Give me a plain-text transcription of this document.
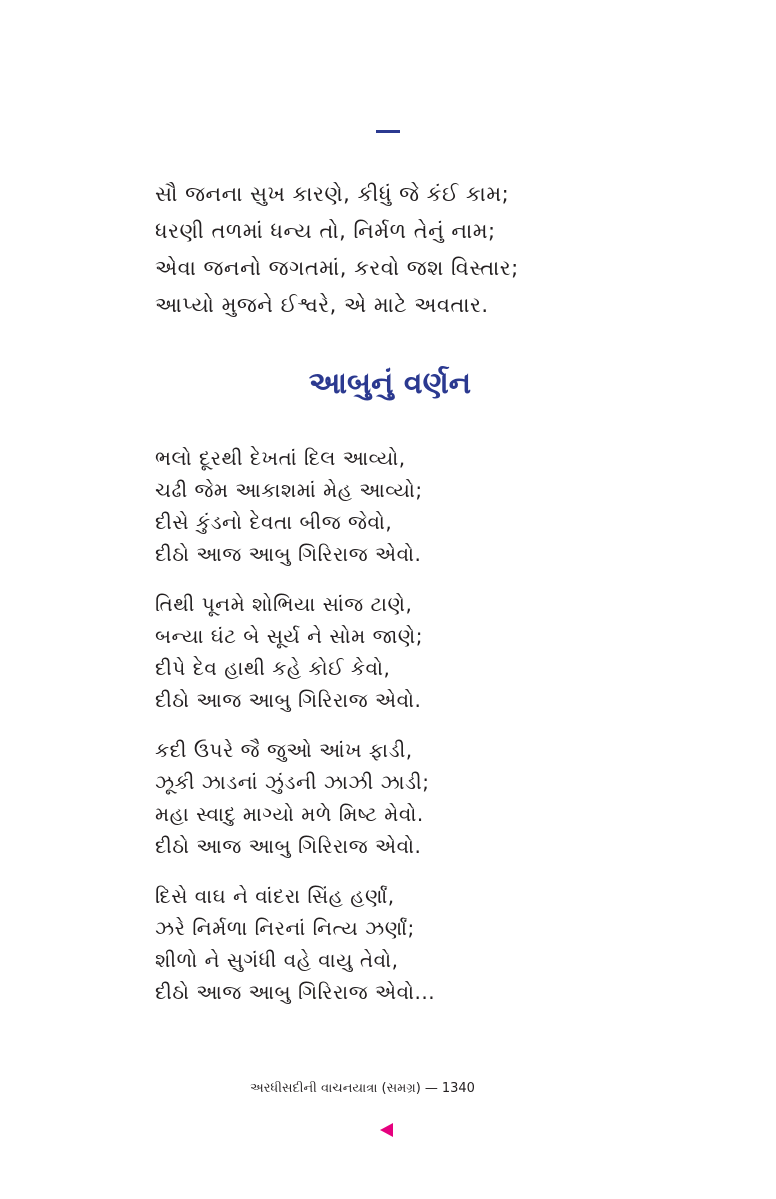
સૌ જનના સુખ કારણે, કીધું જે કંઈ કામ;
ધરણી તળમાં ધન્ય તો, નિર્મળ તેનું નામ;
એવા જનનો જગતમાં, કરવો જશ વિસ્તાર;
આપ્યો મુજને ઈશ્વરે, એ માટે અવતાર.
આબુનું વર્ણન
ભલો દૂરથી દેખતાં દિલ આવ્યો,
ચઢી જેમ આકાશમાં મેહ આવ્યો;
દીસે કુંડનો દેવતા બીજ જેવો,
દીઠો આજ આબુ ગિરિરાજ એવો.
તિથી પૂનમે શોભિયા સાંજ ટાણે,
બન્યા ઘંટ બે સૂર્ય ને સોમ જાણે;
દીપે દેવ હાથી કહે કોઈ કેવો,
દીઠો આજ આબુ ગિરિરાજ એવો.
કદી ઉપરે જૈ જુઓ આંખ ફાડી,
ઝૂકી ઝાડનાં ઝુંડની ઝાઝી ઝાડી;
મહા સ્વાદુ માગ્યો મળે મિષ્ટ મેવો.
દીઠો આજ આબુ ગિરિરાજ એવો.
દિસે વાઘ ને વાંદરા સિંહ હર્ણાં,
ઝરે નિર્મળા નિરનાં નિત્ય ઝર્ણાં;
શીળો ને સુગંધી વહે વાયુ તેવો,
દીઠો આજ આબુ ગિરિરાજ એવો...
અરધીસદીની વાચનયાત્રા (સમગ્ર) — 1340
